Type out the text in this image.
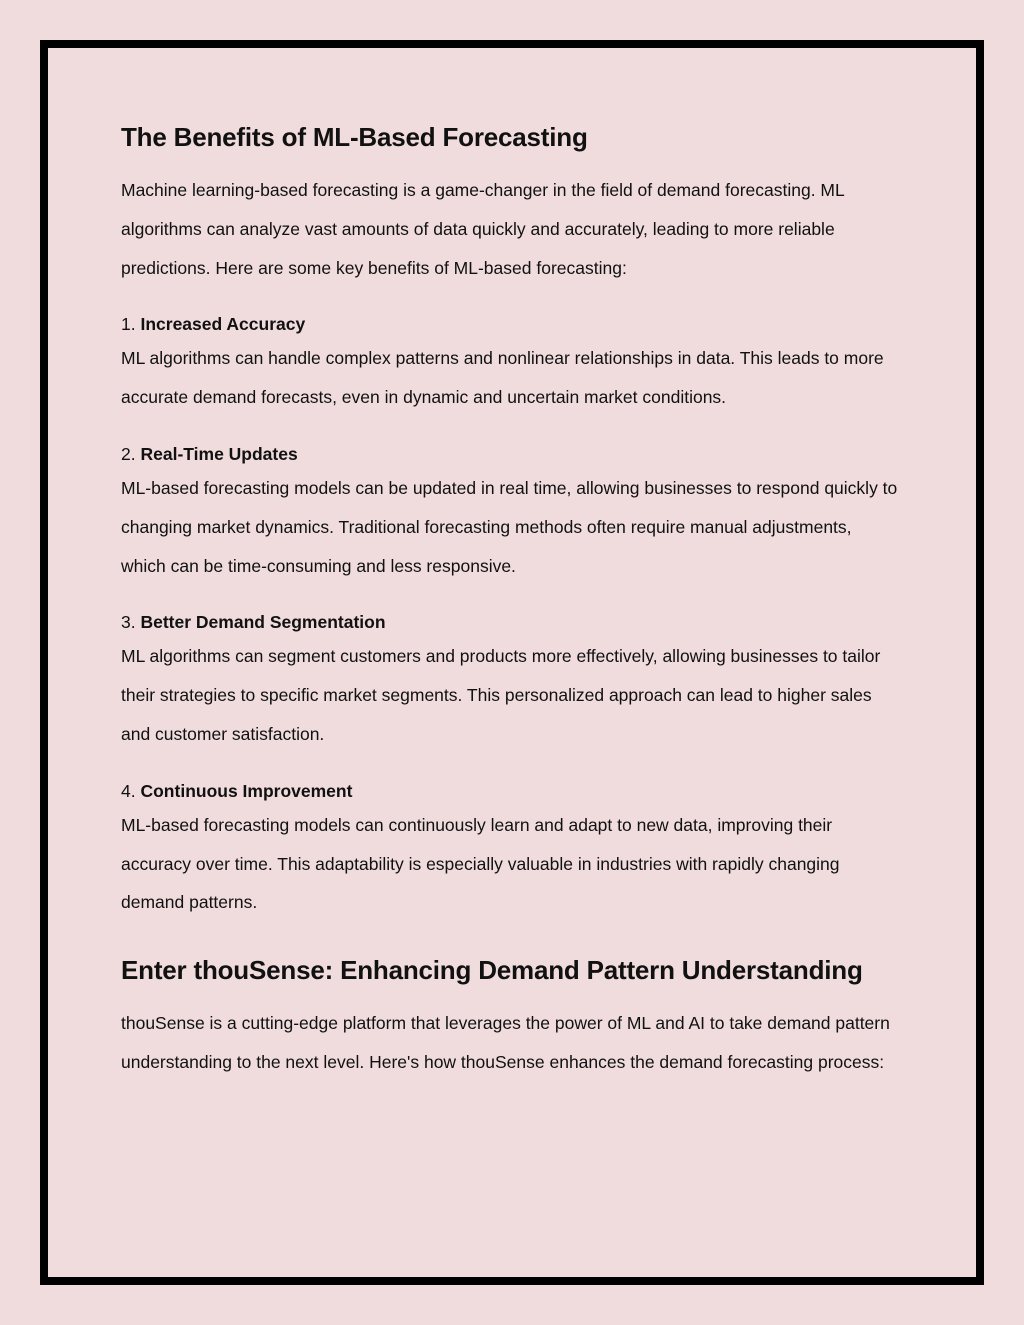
The Benefits of ML-Based Forecasting

Machine learning-based forecasting is a game-changer in the field of demand forecasting. ML algorithms can analyze vast amounts of data quickly and accurately, leading to more reliable predictions. Here are some key benefits of ML-based forecasting:

1. Increased Accuracy

ML algorithms can handle complex patterns and nonlinear relationships in data. This leads to more accurate demand forecasts, even in dynamic and uncertain market conditions.

2. Real-Time Updates

ML-based forecasting models can be updated in real time, allowing businesses to respond quickly to changing market dynamics. Traditional forecasting methods often require manual adjustments, which can be time-consuming and less responsive.

3. Better Demand Segmentation

ML algorithms can segment customers and products more effectively, allowing businesses to tailor their strategies to specific market segments. This personalized approach can lead to higher sales and customer satisfaction.

4. Continuous Improvement

ML-based forecasting models can continuously learn and adapt to new data, improving their accuracy over time. This adaptability is especially valuable in industries with rapidly changing demand patterns.

Enter thouSense: Enhancing Demand Pattern Understanding

thouSense is a cutting-edge platform that leverages the power of ML and AI to take demand pattern understanding to the next level. Here's how thouSense enhances the demand forecasting process:
